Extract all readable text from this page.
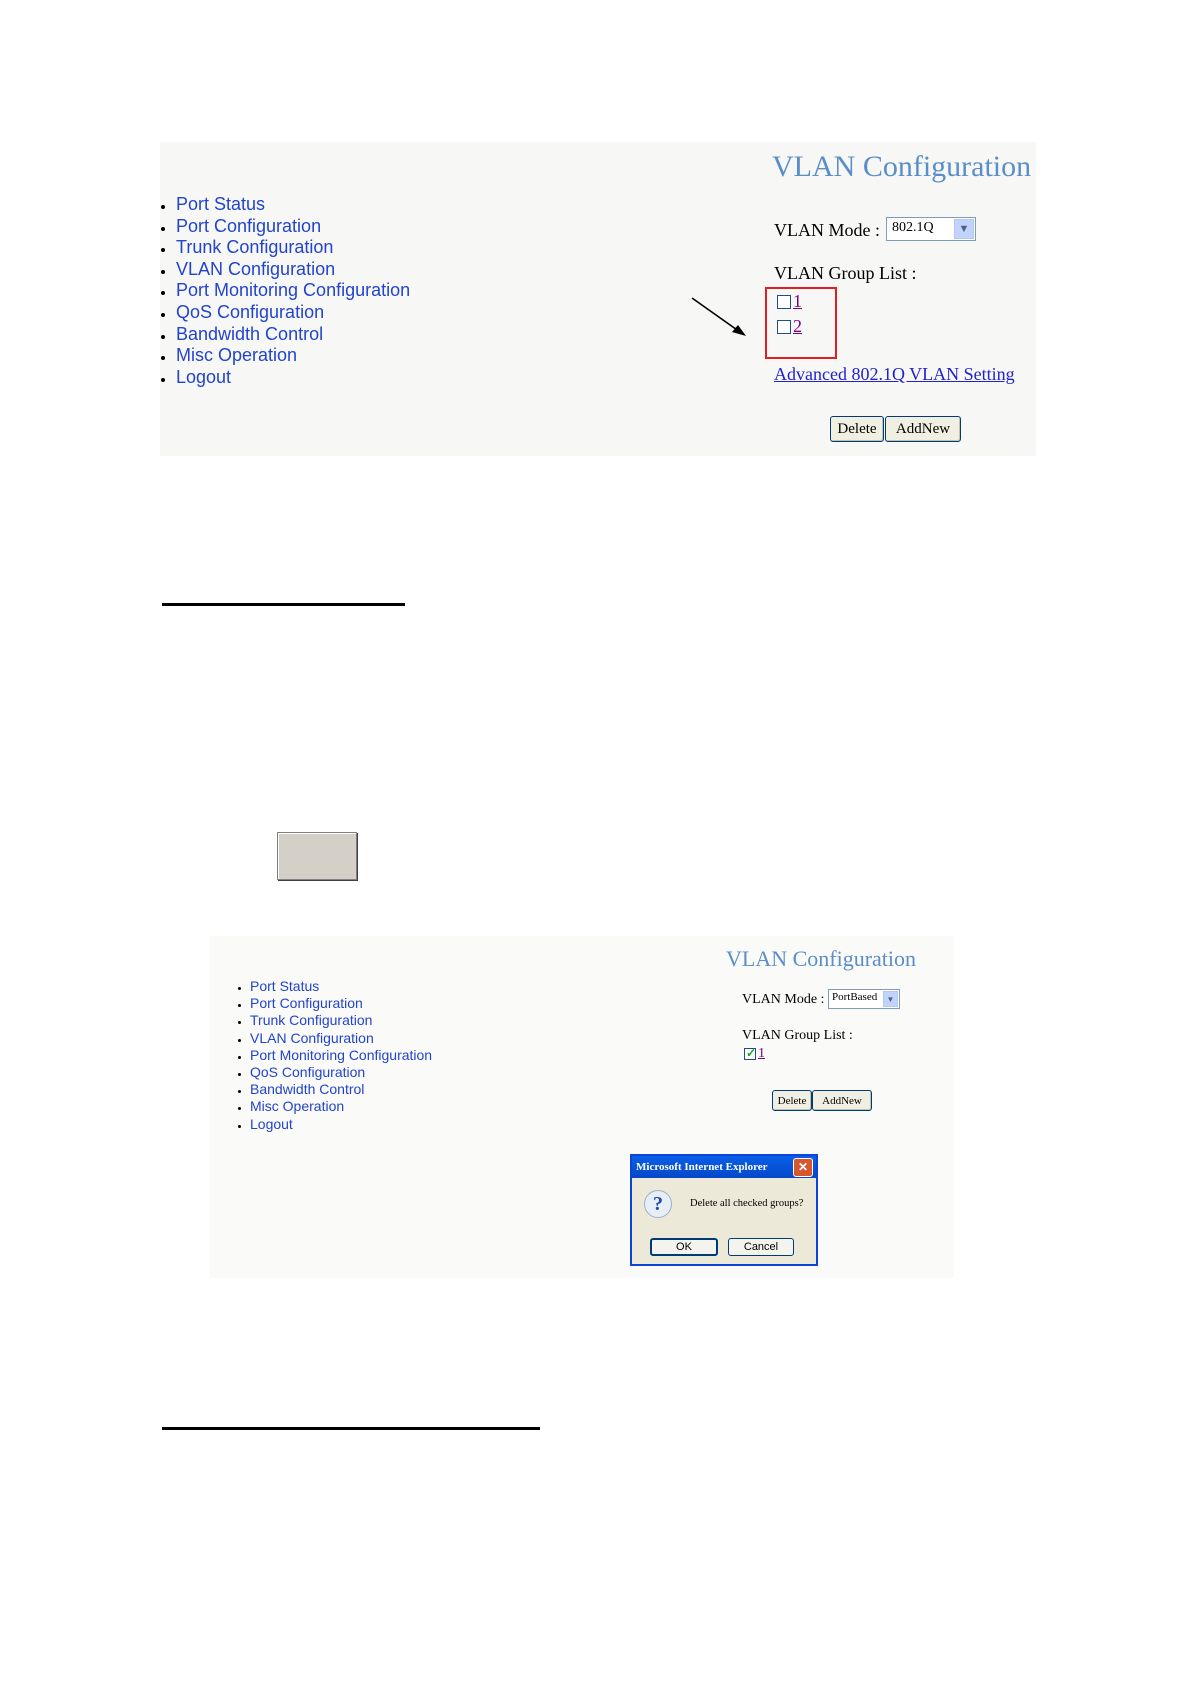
VLAN Configuration
Port Status
Port Configuration
Trunk Configuration
VLAN Configuration
Port Monitoring Configuration
QoS Configuration
Bandwidth Control
Misc Operation
Logout
VLAN Mode : 802.1Q	▼
VLAN Group List :
1
2
Advanced 802.1Q VLAN Setting
Delete	AddNew
VLAN Configuration
Port Status
Port Configuration
Trunk Configuration
VLAN Configuration
Port Monitoring Configuration
QoS Configuration
Bandwidth Control
Misc Operation
Logout
VLAN Mode : PortBased	▼
VLAN Group List :
✓
1
Delete	AddNew
Microsoft Internet Explorer	✕
?	Delete all checked groups?
OK	Cancel
